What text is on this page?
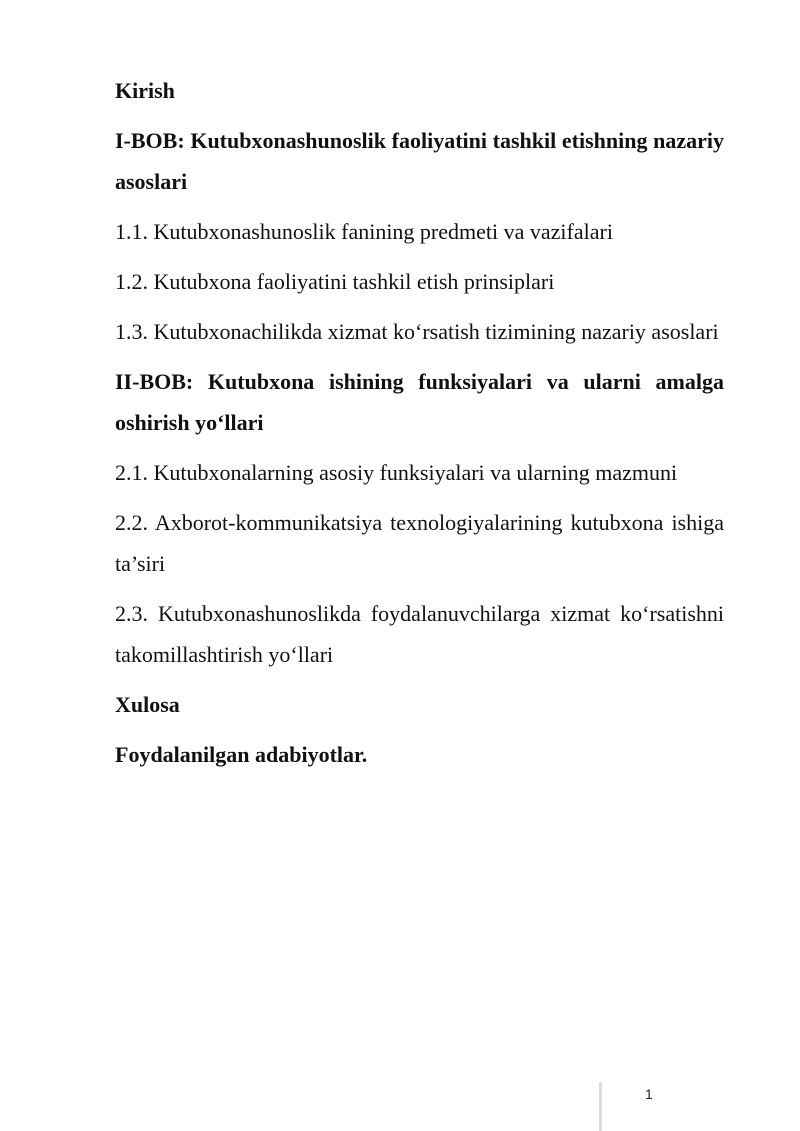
Kirish

I-BOB: Kutubxonashunoslik faoliyatini tashkil etishning nazariy asoslari

1.1. Kutubxonashunoslik fanining predmeti va vazifalari

1.2. Kutubxona faoliyatini tashkil etish prinsiplari

1.3. Kutubxonachilikda xizmat ko‘rsatish tizimining nazariy asoslari

II-BOB: Kutubxona ishining funksiyalari va ularni amalga oshirish yo‘llari

2.1. Kutubxonalarning asosiy funksiyalari va ularning mazmuni

2.2. Axborot-kommunikatsiya texnologiyalarining kutubxona ishiga ta’siri

2.3. Kutubxonashunoslikda foydalanuvchilarga xizmat ko‘rsatishni takomillashtirish yo‘llari

Xulosa

Foydalanilgan adabiyotlar.

1
